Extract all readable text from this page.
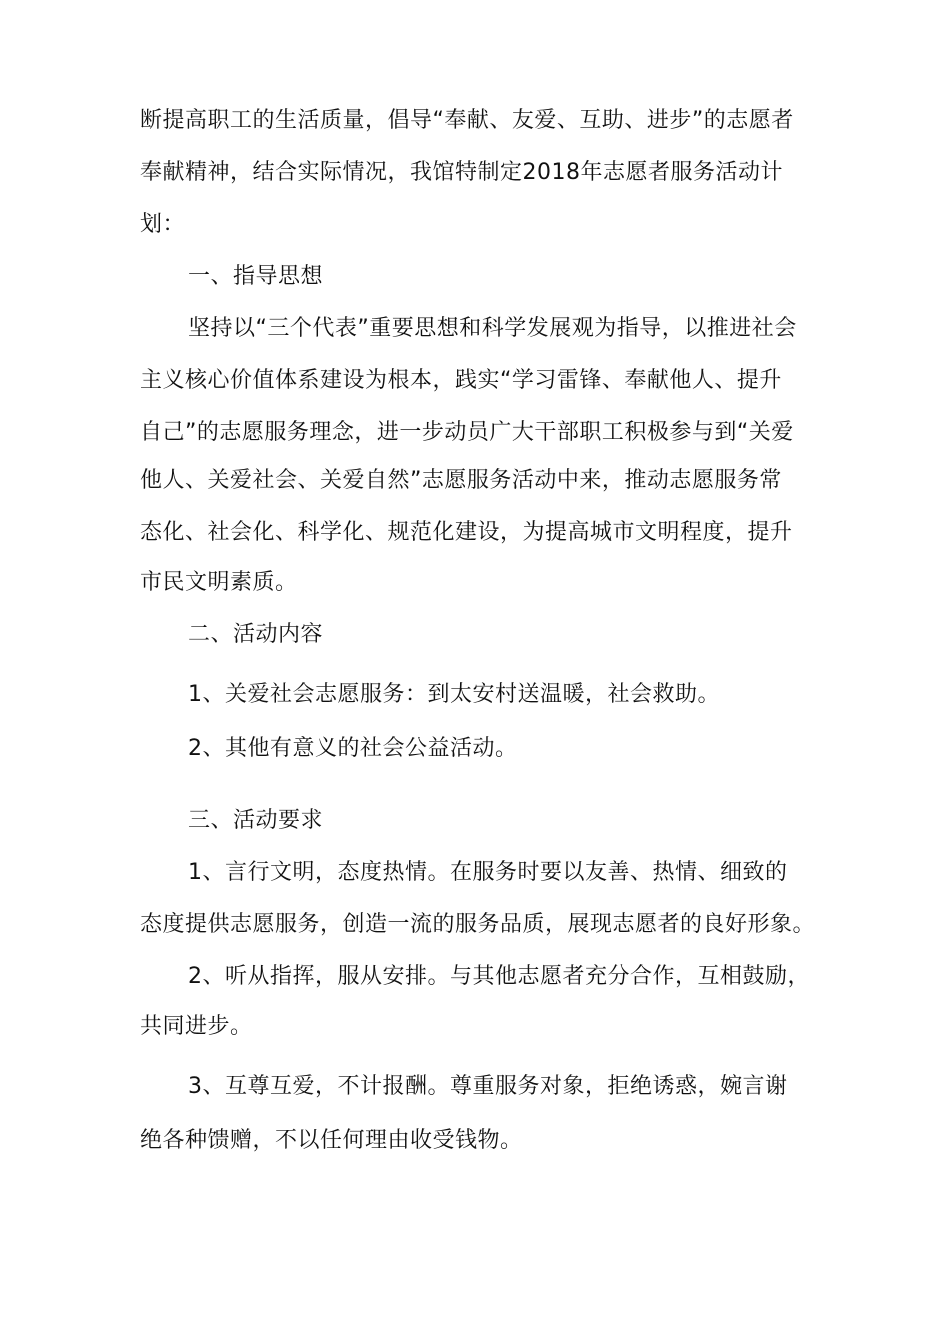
断提高职工的生活质量，倡导“奉献、友爱、互助、进步”的志愿者
奉献精神，结合实际情况，我馆特制定2018年志愿者服务活动计
划：
一、指导思想
坚持以“三个代表”重要思想和科学发展观为指导，以推进社会
主义核心价值体系建设为根本，践实“学习雷锋、奉献他人、提升
自己”的志愿服务理念，进一步动员广大干部职工积极参与到“关爱
他人、关爱社会、关爱自然”志愿服务活动中来，推动志愿服务常
态化、社会化、科学化、规范化建设，为提高城市文明程度，提升
市民文明素质。
二、活动内容
1、关爱社会志愿服务：到太安村送温暖，社会救助。
2、其他有意义的社会公益活动。
三、活动要求
1、言行文明，态度热情。在服务时要以友善、热情、细致的
态度提供志愿服务，创造一流的服务品质，展现志愿者的良好形象。
2、听从指挥，服从安排。与其他志愿者充分合作，互相鼓励，
共同进步。
3、互尊互爱，不计报酬。尊重服务对象，拒绝诱惑，婉言谢
绝各种馈赠，不以任何理由收受钱物。
